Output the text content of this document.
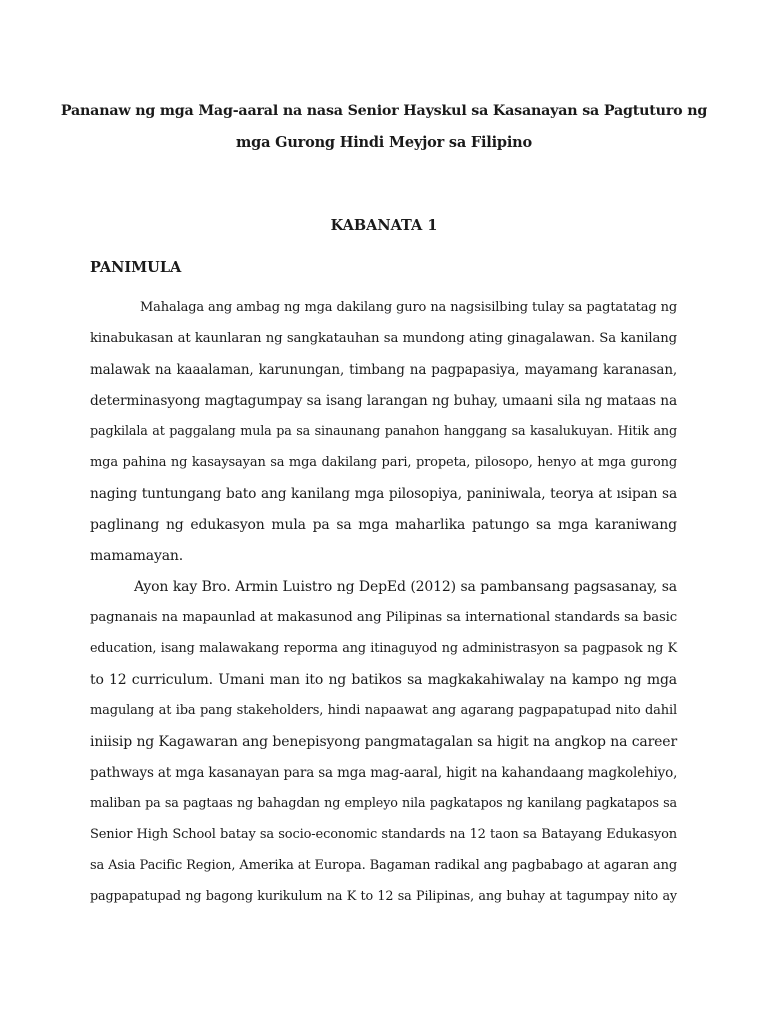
Pananaw ng mga Mag-aaral na nasa Senior Hayskul sa Kasanayan sa Pagtuturo ng
mga Gurong Hindi Meyjor sa Filipino
KABANATA 1
PANIMULA
Mahalaga ang ambag ng mga dakilang guro na nagsisilbing tulay sa pagtatatag ng
kinabukasan at kaunlaran ng sangkatauhan sa mundong ating ginagalawan. Sa kanilang
malawak na kaaalaman, karunungan, timbang na pagpapasiya, mayamang karanasan,
determinasyong magtagumpay sa isang larangan ng buhay, umaani sila ng mataas na
pagkilala at paggalang mula pa sa sinaunang panahon hanggang sa kasalukuyan. Hitik ang
mga pahina ng kasaysayan sa mga dakilang pari, propeta, pilosopo, henyo at mga gurong
naging tuntungang bato ang kanilang mga pilosopiya, paniniwala, teorya at ısipan sa
paglinang ng edukasyon mula pa sa mga maharlika patungo sa mga karaniwang
mamamayan.
Ayon kay Bro. Armin Luistro ng DepEd (2012) sa pambansang pagsasanay, sa
pagnanais na mapaunlad at makasunod ang Pilipinas sa international standards sa basic
education, isang malawakang reporma ang itinaguyod ng administrasyon sa pagpasok ng K
to 12 curriculum. Umani man ito ng batikos sa magkakahiwalay na kampo ng mga
magulang at iba pang stakeholders, hindi napaawat ang agarang pagpapatupad nito dahil
iniisip ng Kagawaran ang benepisyong pangmatagalan sa higit na angkop na career
pathways at mga kasanayan para sa mga mag-aaral, higit na kahandaang magkolehiyo,
maliban pa sa pagtaas ng bahagdan ng empleyo nila pagkatapos ng kanilang pagkatapos sa
Senior High School batay sa socio-economic standards na 12 taon sa Batayang Edukasyon
sa Asia Pacific Region, Amerika at Europa. Bagaman radikal ang pagbabago at agaran ang
pagpapatupad ng bagong kurikulum na K to 12 sa Pilipinas, ang buhay at tagumpay nito ay
